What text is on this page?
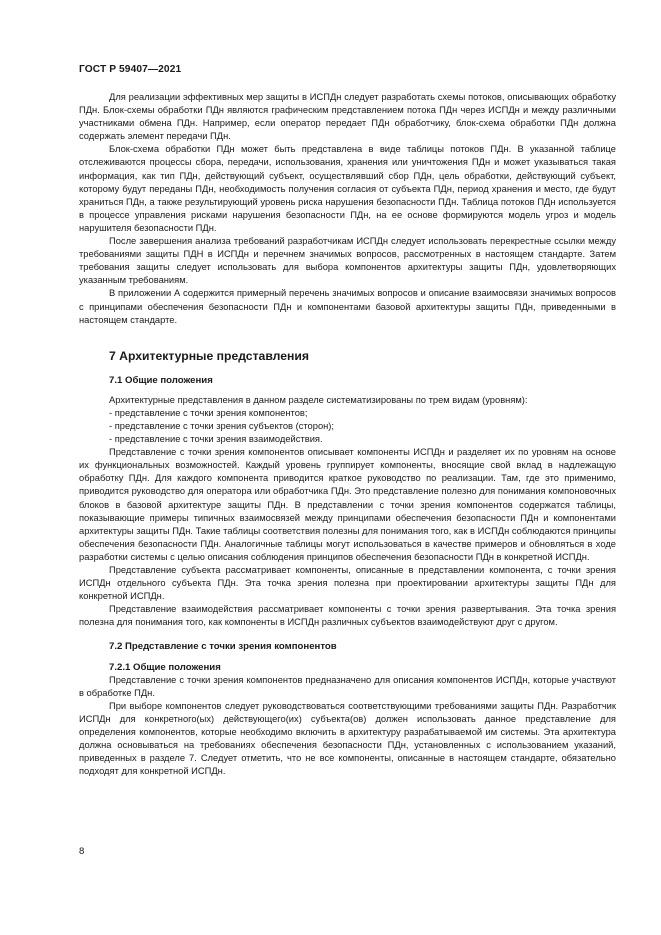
ГОСТ Р 59407—2021

Для реализации эффективных мер защиты в ИСПДн следует разработать схемы потоков, описывающих обработку ПДн. Блок-схемы обработки ПДн являются графическим представлением потока ПДн через ИСПДн и между различными участниками обмена ПДн. Например, если оператор передает ПДн обработчику, блок-схема обработки ПДн должна содержать элемент передачи ПДн.

Блок-схема обработки ПДн может быть представлена в виде таблицы потоков ПДн. В указанной таблице отслеживаются процессы сбора, передачи, использования, хранения или уничтожения ПДн и может указываться такая информация, как тип ПДн, действующий субъект, осуществлявший сбор ПДн, цель обработки, действующий субъект, которому будут переданы ПДн, необходимость получения согласия от субъекта ПДн, период хранения и место, где будут храниться ПДн, а также результирующий уровень риска нарушения безопасности ПДн. Таблица потоков ПДн используется в процессе управления рисками нарушения безопасности ПДн, на ее основе формируются модель угроз и модель нарушителя безопасности ПДн.

После завершения анализа требований разработчикам ИСПДн следует использовать перекрестные ссылки между требованиями защиты ПДН в ИСПДн и перечнем значимых вопросов, рассмотренных в настоящем стандарте. Затем требования защиты следует использовать для выбора компонентов архитектуры защиты ПДн, удовлетворяющих указанным требованиям.

В приложении А содержится примерный перечень значимых вопросов и описание взаимосвязи значимых вопросов с принципами обеспечения безопасности ПДн и компонентами базовой архитектуры защиты ПДн, приведенными в настоящем стандарте.

7 Архитектурные представления
7.1 Общие положения

Архитектурные представления в данном разделе систематизированы по трем видам (уровням):

- представление с точки зрения компонентов;
- представление с точки зрения субъектов (сторон);
- представление с точки зрения взаимодействия.

Представление с точки зрения компонентов описывает компоненты ИСПДн и разделяет их по уровням на основе их функциональных возможностей. Каждый уровень группирует компоненты, вносящие свой вклад в надлежащую обработку ПДн. Для каждого компонента приводится краткое руководство по реализации. Там, где это применимо, приводится руководство для оператора или обработчика ПДн. Это представление полезно для понимания компоновочных блоков в базовой архитектуре защиты ПДн. В представлении с точки зрения компонентов содержатся таблицы, показывающие примеры типичных взаимосвязей между принципами обеспечения безопасности ПДн и компонентами архитектуры защиты ПДн. Такие таблицы соответствия полезны для понимания того, как в ИСПДн соблюдаются принципы обеспечения безопасности ПДн. Аналогичные таблицы могут использоваться в качестве примеров и обновляться в ходе разработки системы с целью описания соблюдения принципов обеспечения безопасности ПДн в конкретной ИСПДн.

Представление субъекта рассматривает компоненты, описанные в представлении компонента, с точки зрения ИСПДн отдельного субъекта ПДн. Эта точка зрения полезна при проектировании архитектуры защиты ПДн для конкретной ИСПДн.

Представление взаимодействия рассматривает компоненты с точки зрения развертывания. Эта точка зрения полезна для понимания того, как компоненты в ИСПДн различных субъектов взаимодействуют друг с другом.

7.2 Представление с точки зрения компонентов
7.2.1 Общие положения

Представление с точки зрения компонентов предназначено для описания компонентов ИСПДн, которые участвуют в обработке ПДн.

При выборе компонентов следует руководствоваться соответствующими требованиями защиты ПДн. Разработчик ИСПДн для конкретного(ых) действующего(их) субъекта(ов) должен использовать данное представление для определения компонентов, которые необходимо включить в архитектуру разрабатываемой им системы. Эта архитектура должна основываться на требованиях обеспечения безопасности ПДн, установленных с использованием указаний, приведенных в разделе 7. Следует отметить, что не все компоненты, описанные в настоящем стандарте, обязательно подходят для конкретной ИСПДн.

8
